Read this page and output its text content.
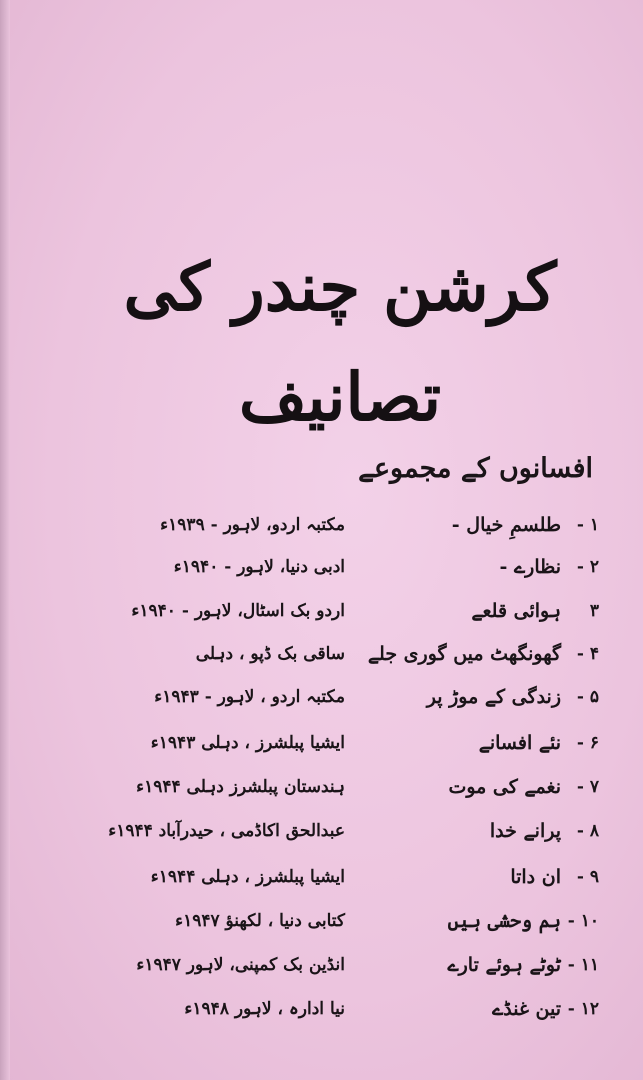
کرشن چندر کی تصانیف
افسانوں کے مجموعے
۱ -
طلسمِ خیال -
مکتبہ اردو، لاہور - ۱۹۳۹ء
۲ -
نظارے -
ادبی دنیا، لاہور - ۱۹۴۰ء
۳
ہوائی قلعے
اردو بک اسٹال، لاہور - ۱۹۴۰ء
۴ -
گھونگھٹ میں گوری جلے
ساقی بک ڈپو ، دہلی
۵ -
زندگی کے موڑ پر
مکتبہ اردو ، لاہور - ۱۹۴۳ء
۶ -
نئے افسانے
ایشیا پبلشرز ، دہلی ۱۹۴۳ء
۷ -
نغمے کی موت
ہندستان پبلشرز دہلی ۱۹۴۴ء
۸ -
پرانے خدا
عبدالحق اکاڈمی ، حیدرآباد ۱۹۴۴ء
۹ -
ان داتا
ایشیا پبلشرز ، دہلی ۱۹۴۴ء
۱۰ -
ہم وحشی ہیں
کتابی دنیا ، لکھنؤ ۱۹۴۷ء
۱۱ -
ٹوٹے ہوئے تارے
انڈین بک کمپنی، لاہور ۱۹۴۷ء
۱۲ -
تین غنڈے
نیا ادارہ ، لاہور ۱۹۴۸ء
